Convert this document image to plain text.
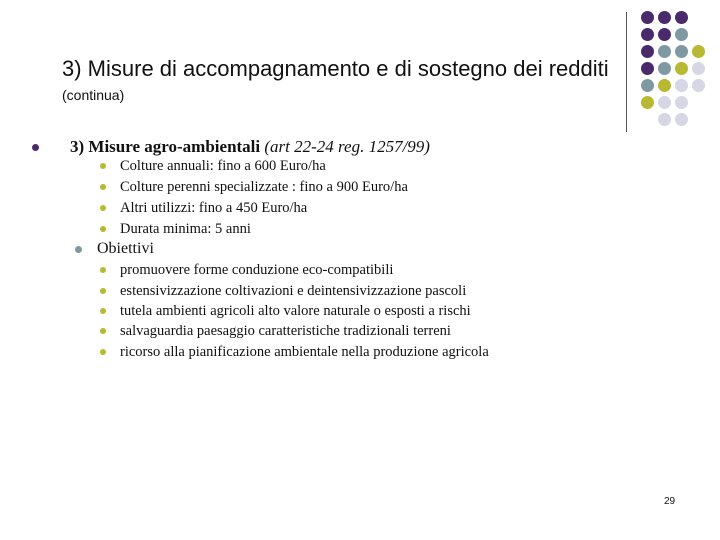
3) Misure di accompagnamento e di sostegno dei redditi
(continua)
3) Misure agro-ambientali (art 22-24 reg. 1257/99)
Colture annuali: fino a 600 Euro/ha
Colture perenni specializzate : fino a 900 Euro/ha
Altri utilizzi: fino a 450 Euro/ha
Durata minima: 5 anni
Obiettivi
promuovere forme conduzione eco-compatibili
estensivizzazione coltivazioni e deintensivizzazione pascoli
tutela ambienti agricoli alto valore naturale o esposti a rischi
salvaguardia paesaggio caratteristiche tradizionali terreni
ricorso alla pianificazione ambientale nella produzione agricola
29
